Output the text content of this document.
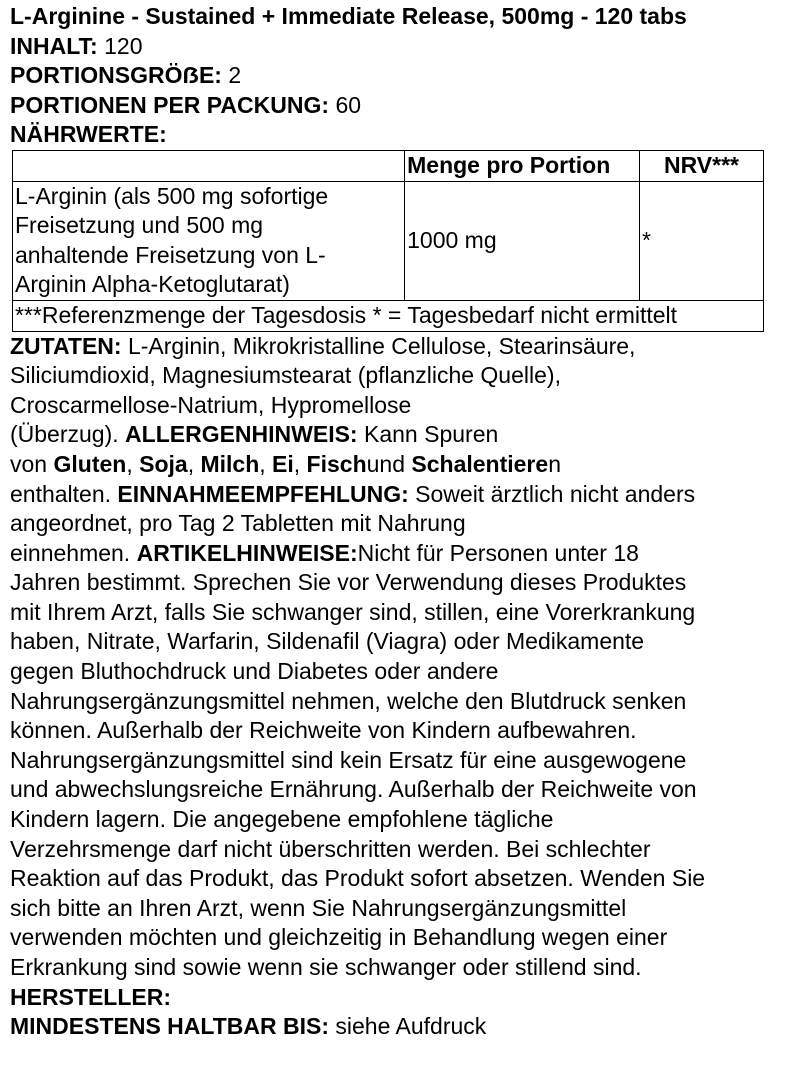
L-Arginine - Sustained + Immediate Release, 500mg - 120 tabs
INHALT: 120
PORTIONSGRÖẞE: 2
PORTIONEN PER PACKUNG: 60
NÄHRWERTE:
	Menge pro Portion	NRV***

L-Arginin (als 500 mg sofortige
Freisetzung und 500 mg
anhaltende Freisetzung von L-
Arginin Alpha-Ketoglutarat)	1000 mg	*
***Referenzmenge der Tagesdosis * = Tagesbedarf nicht ermittelt		
ZUTATEN: L-Arginin, Mikrokristalline Cellulose, Stearinsäure,
Siliciumdioxid, Magnesiumstearat (pflanzliche Quelle),
Croscarmellose-Natrium, Hypromellose
(Überzug). ALLERGENHINWEIS: Kann Spuren
von Gluten, Soja, Milch, Ei, Fischund Schalentieren
enthalten. EINNAHMEEMPFEHLUNG: Soweit ärztlich nicht anders
angeordnet, pro Tag 2 Tabletten mit Nahrung
einnehmen. ARTIKELHINWEISE:Nicht für Personen unter 18
Jahren bestimmt. Sprechen Sie vor Verwendung dieses Produktes
mit Ihrem Arzt, falls Sie schwanger sind, stillen, eine Vorerkrankung
haben, Nitrate, Warfarin, Sildenafil (Viagra) oder Medikamente
gegen Bluthochdruck und Diabetes oder andere
Nahrungsergänzungsmittel nehmen, welche den Blutdruck senken
können. Außerhalb der Reichweite von Kindern aufbewahren.
Nahrungsergänzungsmittel sind kein Ersatz für eine ausgewogene
und abwechslungsreiche Ernährung. Außerhalb der Reichweite von
Kindern lagern. Die angegebene empfohlene tägliche
Verzehrsmenge darf nicht überschritten werden. Bei schlechter
Reaktion auf das Produkt, das Produkt sofort absetzen. Wenden Sie
sich bitte an Ihren Arzt, wenn Sie Nahrungsergänzungsmittel
verwenden möchten und gleichzeitig in Behandlung wegen einer
Erkrankung sind sowie wenn sie schwanger oder stillend sind.
HERSTELLER:
MINDESTENS HALTBAR BIS: siehe Aufdruck
